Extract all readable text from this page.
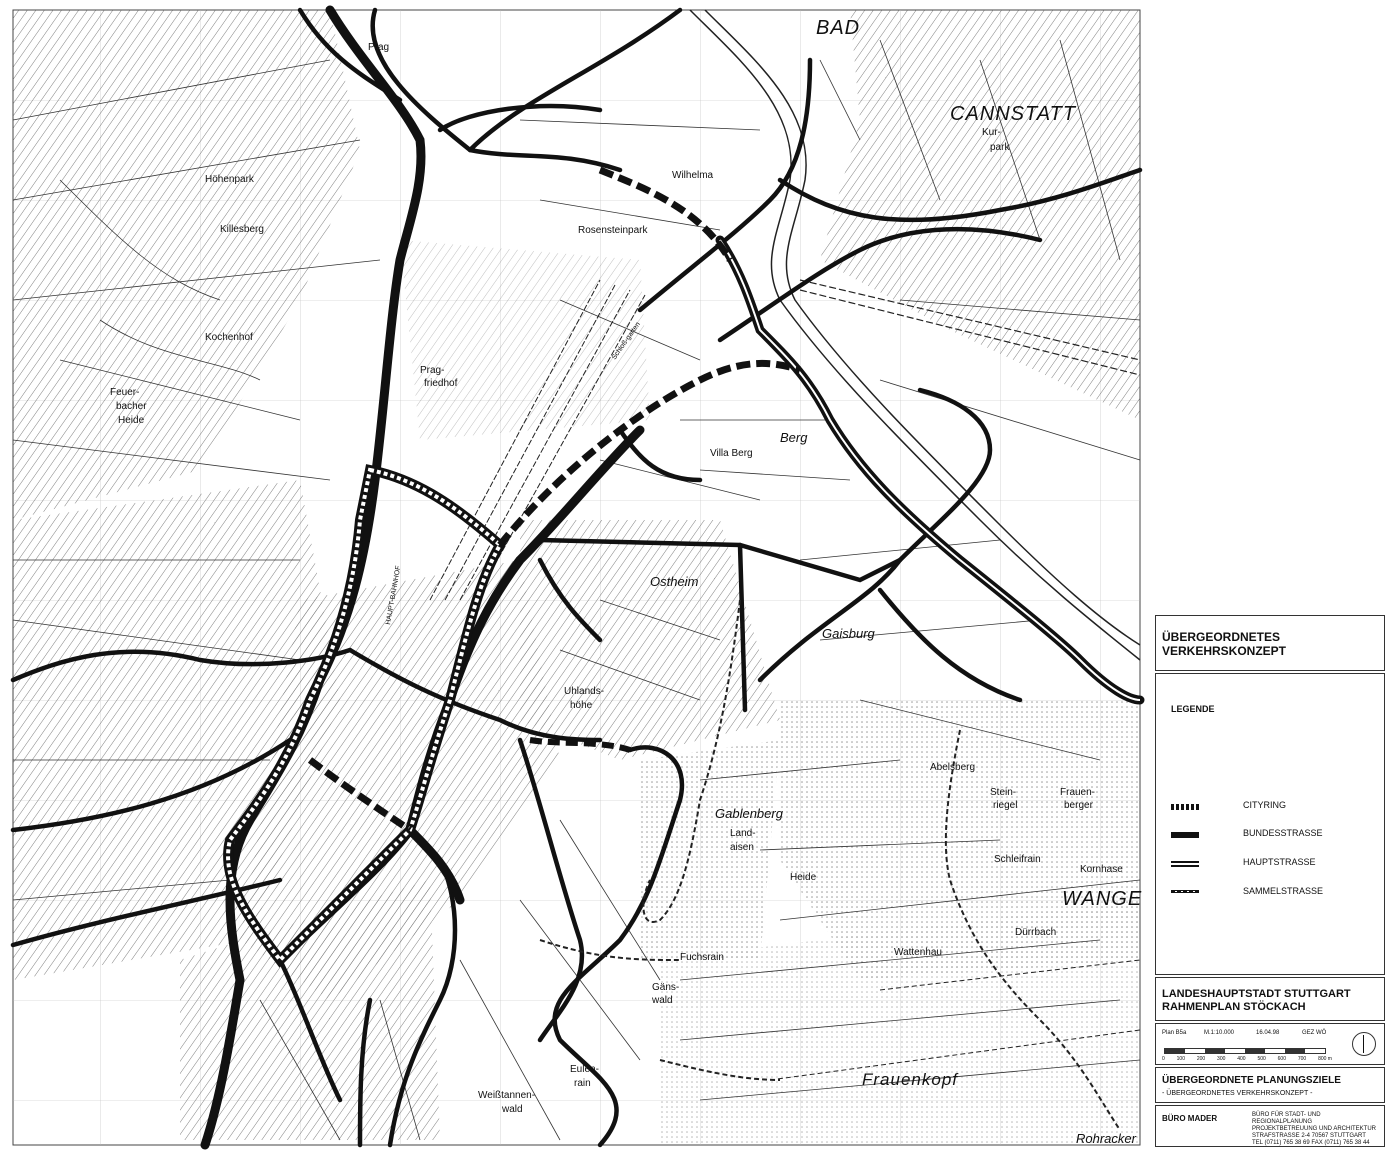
BAD
CANNSTATT
Kur-
park
Rosensteinpark
Höhenpark
Killesberg
Prag
Prag-
friedhof
Feuer-
bacher
Heide
Berg
Villa Berg
Ostheim
Gaisburg
Uhlands-
höhe
Gablenberg
WANGE
Frauenkopf
Fuchsrain
Gäns-
wald
Weißtannen-
wald
Eulen-
rain
Dürrbach
Wilhelma
Schloß-garten
Stein-
riegel
Schleifrain
Abelsberg
Frauen-
berger
Kornhase
Rohracker
Wattenhau
Land-
aisen
Heide
Kochenhof
HAUPT-BAHNHOF
ÜBERGEORDNETES
VERKEHRSKONZEPT
LEGENDE
CITYRING
BUNDESSTRASSE
HAUPTSTRASSE
SAMMELSTRASSE
LANDESHAUPTSTADT STUTTGART
RAHMENPLAN STÖCKACH
Plan B5a	M.1:10.000	16.04.98	GEZ WÖ
0 100 200 300 400 500 600 700 800 m
ÜBERGEORDNETE PLANUNGSZIELE
- ÜBERGEORDNETES VERKEHRSKONZEPT -
BÜRO MADER	BÜRO FÜR STADT- UND REGIONALPLANUNG
PROJEKTBETREUUNG UND ARCHITEKTUR
STRAFSTRASSE 2-4 70567 STUTTGART
TEL (0711) 765 38 69 FAX (0711) 765 38 44
